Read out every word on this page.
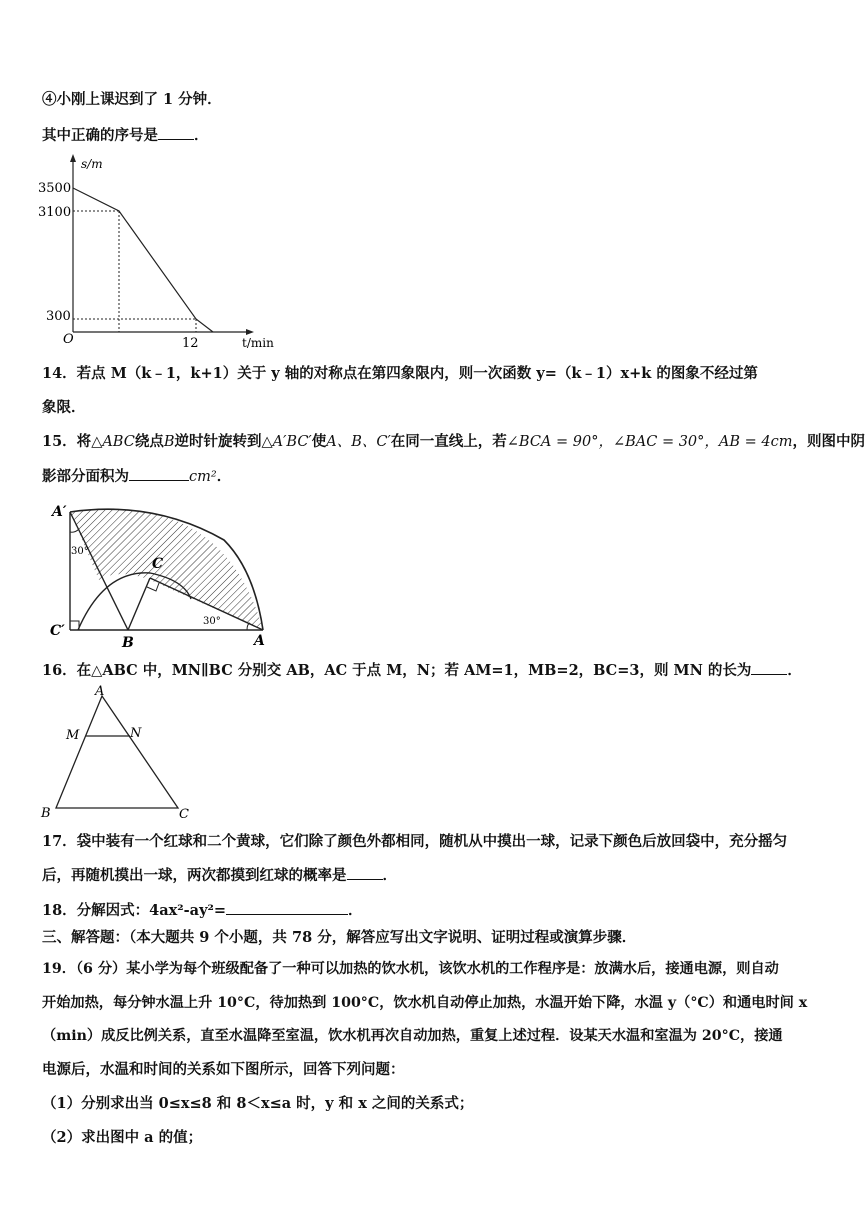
④小刚上课迟到了 1 分钟．
其中正确的序号是 ．
s/m
3500
3100
300
O	12	t/min
14．若点 M（k﹣1，k+1）关于 y 轴的对称点在第四象限内，则一次函数 y=（k﹣1）x+k 的图象不经过第
象限．
15．将△ABC绕点B逆时针旋转到△A′BC′使A、B、C′在同一直线上，若∠BCA = 90°，∠BAC = 30°，AB = 4cm，则图中阴
影部分面积为	cm²．
A′
30°
C
C′
B
30°
A
16．在△ABC 中，MN∥BC 分别交 AB，AC 于点 M，N；若 AM=1，MB=2，BC=3，则 MN 的长为 ．
A
M	N
B	C
17．袋中装有一个红球和二个黄球，它们除了颜色外都相同，随机从中摸出一球，记录下颜色后放回袋中，充分摇匀
后，再随机摸出一球，两次都摸到红球的概率是 ．
18．分解因式：4ax²-ay²=	．
三、解答题：（本大题共 9 个小题，共 78 分，解答应写出文字说明、证明过程或演算步骤．
19．（6 分）某小学为每个班级配备了一种可以加热的饮水机，该饮水机的工作程序是：放满水后，接通电源，则自动
开始加热，每分钟水温上升 10°C，待加热到 100°C，饮水机自动停止加热，水温开始下降，水温 y（°C）和通电时间 x
（min）成反比例关系，直至水温降至室温，饮水机再次自动加热，重复上述过程．设某天水温和室温为 20°C，接通
电源后，水温和时间的关系如下图所示，回答下列问题：
（1）分别求出当 0≤x≤8 和 8＜x≤a 时，y 和 x 之间的关系式；
（2）求出图中 a 的值；
